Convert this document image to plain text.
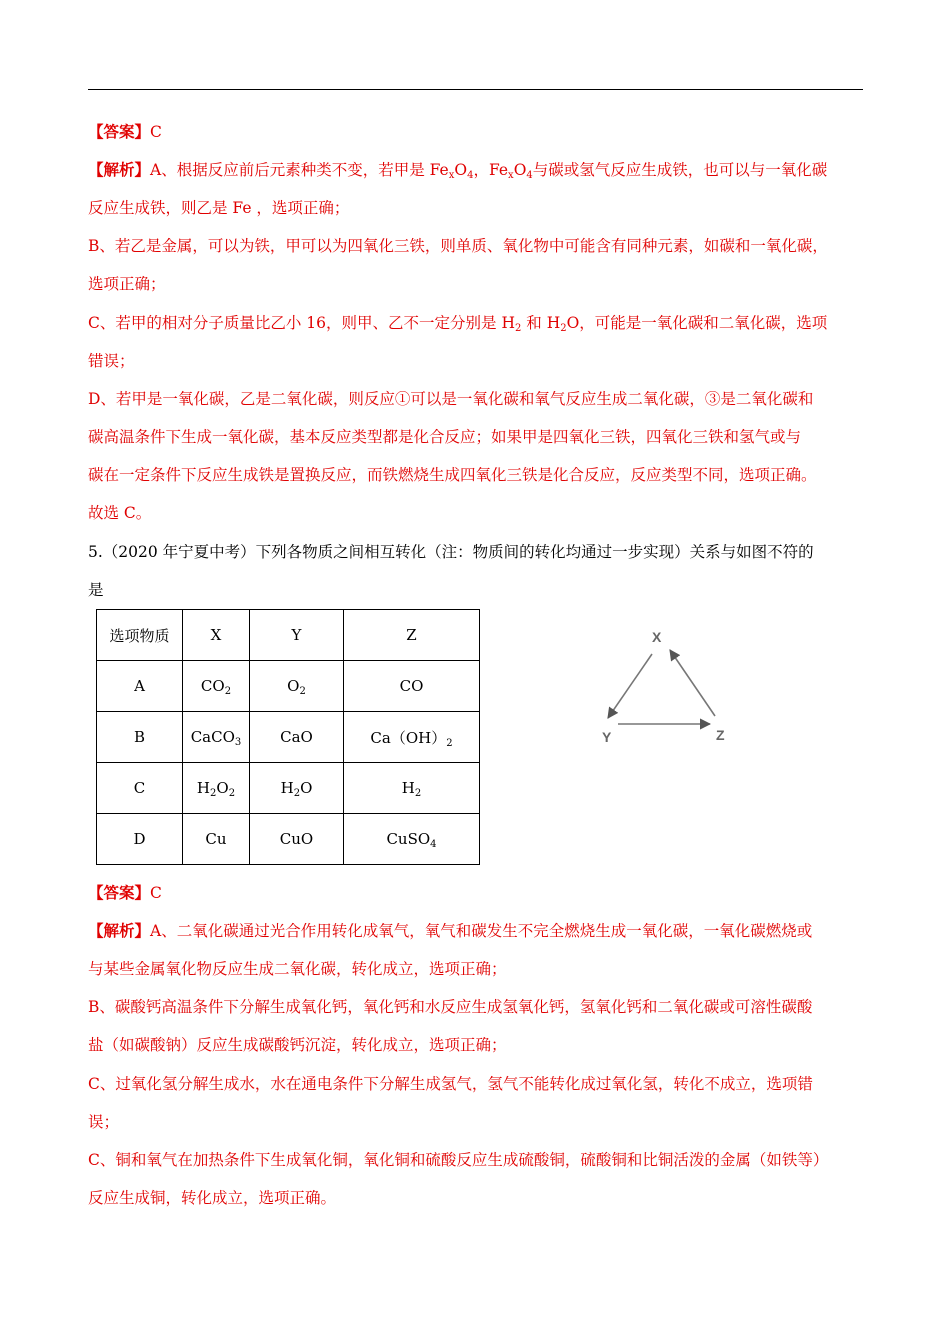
【答案】C
【解析】A、根据反应前后元素种类不变，若甲是 $Fe_xO_4$，$Fe_xO_4$与碳或氢气反应生成铁，也可以与一氧化碳
反应生成铁，则乙是 Fe ，选项正确；
B、若乙是金属，可以为铁，甲可以为四氧化三铁，则单质、氧化物中可能含有同种元素，如碳和一氧化碳，
选项正确；
C、若甲的相对分子质量比乙小 16，则甲、乙不一定分别是 $H_2$ 和 $H_2O$，可能是一氧化碳和二氧化碳，选项
错误；
D、若甲是一氧化碳，乙是二氧化碳，则反应①可以是一氧化碳和氧气反应生成二氧化碳，③是二氧化碳和
碳高温条件下生成一氧化碳，基本反应类型都是化合反应；如果甲是四氧化三铁，四氧化三铁和氢气或与
碳在一定条件下反应生成铁是置换反应，而铁燃烧生成四氧化三铁是化合反应，反应类型不同，选项正确。
故选 C。
5.（2020 年宁夏中考）下列各物质之间相互转化（注：物质间的转化均通过一步实现）关系与如图不符的
是
选项物质	X	Y	Z
A	$CO_2$	$O_2$	CO
B	CaCO$_3$	CaO	$Ca(OH)_2$
C	$H_2O_2$	$H_2O$	$H_2$
D	Cu	CuO	CuSO$_4$
X
Y	Z
【答案】C
【解析】A、二氧化碳通过光合作用转化成氧气，氧气和碳发生不完全燃烧生成一氧化碳，一氧化碳燃烧或
与某些金属氧化物反应生成二氧化碳，转化成立，选项正确；
B、碳酸钙高温条件下分解生成氧化钙，氧化钙和水反应生成氢氧化钙，氢氧化钙和二氧化碳或可溶性碳酸
盐（如碳酸钠）反应生成碳酸钙沉淀，转化成立，选项正确；
C、过氧化氢分解生成水，水在通电条件下分解生成氢气，氢气不能转化成过氧化氢，转化不成立，选项错
误；
C、铜和氧气在加热条件下生成氧化铜，氧化铜和硫酸反应生成硫酸铜，硫酸铜和比铜活泼的金属（如铁等）
反应生成铜，转化成立，选项正确。
